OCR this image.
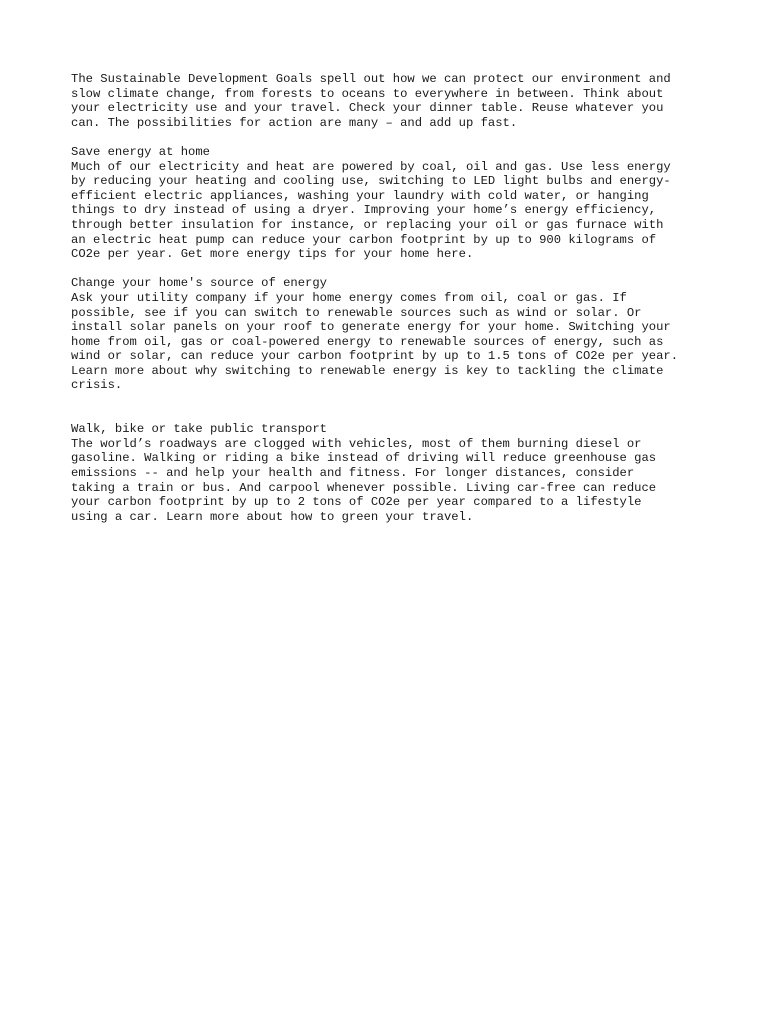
The Sustainable Development Goals spell out how we can protect our environment and
slow climate change, from forests to oceans to everywhere in between. Think about
your electricity use and your travel. Check your dinner table. Reuse whatever you
can. The possibilities for action are many – and add up fast.

Save energy at home

Much of our electricity and heat are powered by coal, oil and gas. Use less energy
by reducing your heating and cooling use, switching to LED light bulbs and energy-
efficient electric appliances, washing your laundry with cold water, or hanging
things to dry instead of using a dryer. Improving your home’s energy efficiency,
through better insulation for instance, or replacing your oil or gas furnace with
an electric heat pump can reduce your carbon footprint by up to 900 kilograms of
CO2e per year. Get more energy tips for your home here.

Change your home's source of energy

Ask your utility company if your home energy comes from oil, coal or gas. If
possible, see if you can switch to renewable sources such as wind or solar. Or
install solar panels on your roof to generate energy for your home. Switching your
home from oil, gas or coal-powered energy to renewable sources of energy, such as
wind or solar, can reduce your carbon footprint by up to 1.5 tons of CO2e per year.
Learn more about why switching to renewable energy is key to tackling the climate
crisis.

Walk, bike or take public transport

The world’s roadways are clogged with vehicles, most of them burning diesel or
gasoline. Walking or riding a bike instead of driving will reduce greenhouse gas
emissions -- and help your health and fitness. For longer distances, consider
taking a train or bus. And carpool whenever possible. Living car-free can reduce
your carbon footprint by up to 2 tons of CO2e per year compared to a lifestyle
using a car. Learn more about how to green your travel.
